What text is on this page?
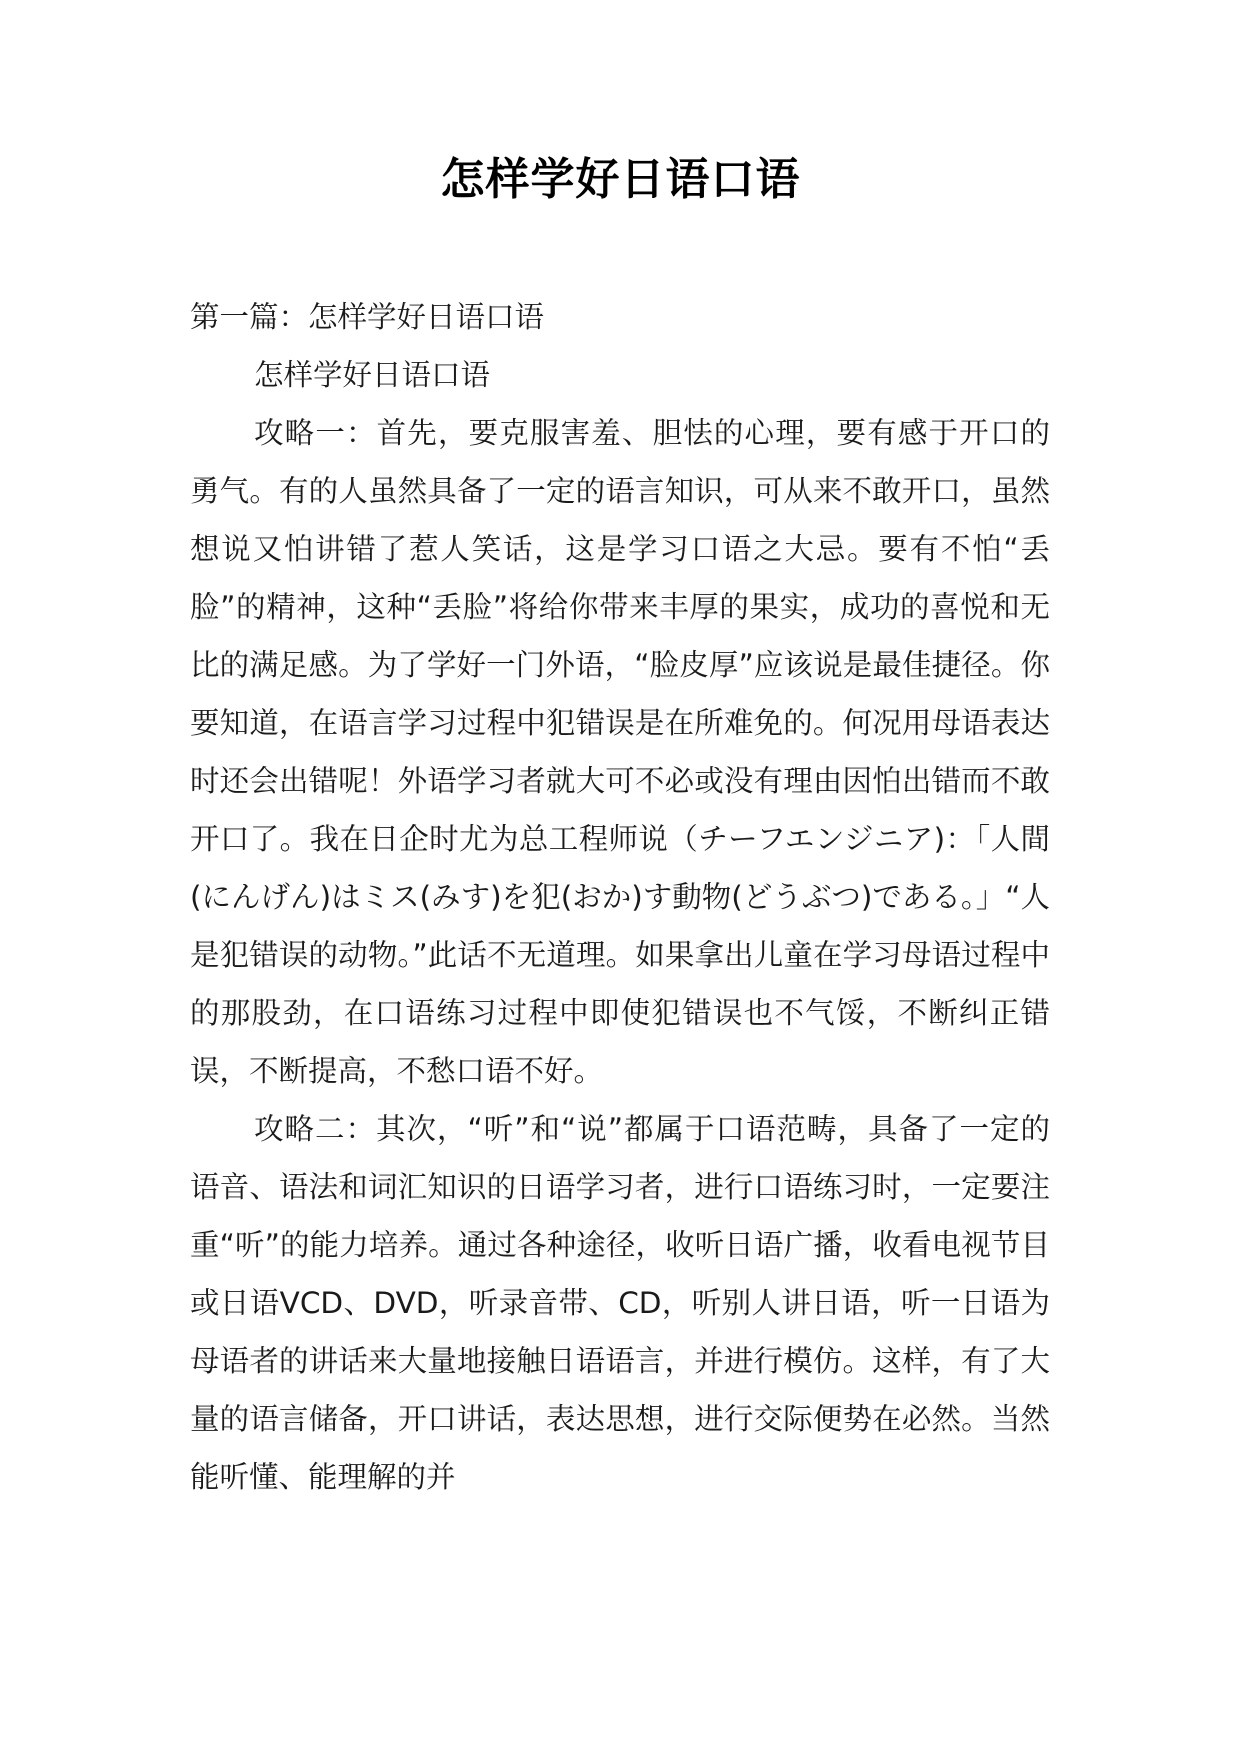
怎样学好日语口语

第一篇：怎样学好日语口语

怎样学好日语口语

攻略一：首先，要克服害羞、胆怯的心理，要有感于开口的勇气。有的人虽然具备了一定的语言知识，可从来不敢开口，虽然想说又怕讲错了惹人笑话，这是学习口语之大忌。要有不怕“丢脸”的精神，这种“丢脸”将给你带来丰厚的果实，成功的喜悦和无比的满足感。为了学好一门外语，“脸皮厚”应该说是最佳捷径。你要知道，在语言学习过程中犯错误是在所难免的。何况用母语表达时还会出错呢！外语学习者就大可不必或没有理由因怕出错而不敢开口了。我在日企时尤为总工程师说（チーフエンジニア)：「人間(にんげん)はミス(みす)を犯(おか)す動物(どうぶつ)である。」“人是犯错误的动物。”此话不无道理。如果拿出儿童在学习母语过程中的那股劲，在口语练习过程中即使犯错误也不气馁，不断纠正错误，不断提高，不愁口语不好。

攻略二：其次，“听”和“说”都属于口语范畴，具备了一定的语音、语法和词汇知识的日语学习者，进行口语练习时，一定要注重“听”的能力培养。通过各种途径，收听日语广播，收看电视节目或日语VCD、DVD，听录音带、CD，听别人讲日语，听一日语为母语者的讲话来大量地接触日语语言，并进行模仿。这样，有了大量的语言储备，开口讲话，表达思想，进行交际便势在必然。当然能听懂、能理解的并
